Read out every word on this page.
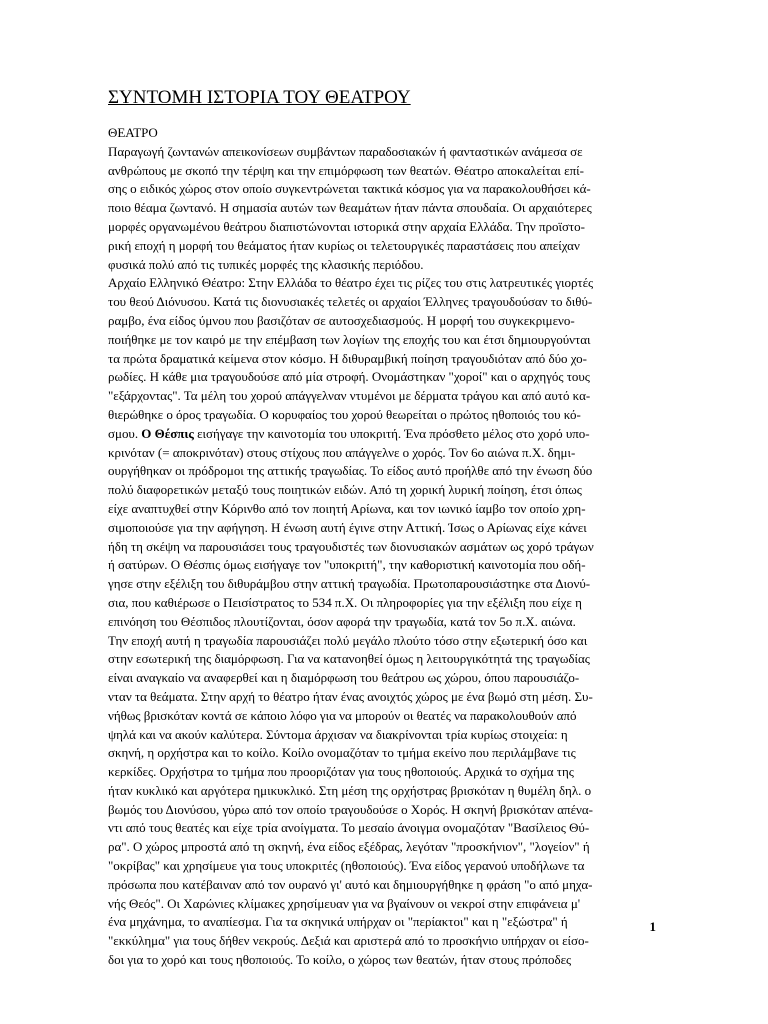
ΣΥΝΤΟΜΗ ΙΣΤΟΡΙΑ ΤΟΥ ΘΕΑΤΡΟΥ
ΘΕΑΤΡΟ
Παραγωγή ζωντανών απεικονίσεων συμβάντων παραδοσιακών ή φανταστικών ανάμεσα σε
ανθρώπους με σκοπό την τέρψη και την επιμόρφωση των θεατών. Θέατρο αποκαλείται επί-
σης ο ειδικός χώρος στον οποίο συγκεντρώνεται τακτικά κόσμος για να παρακολουθήσει κά-
ποιο θέαμα ζωντανό. Η σημασία αυτών των θεαμάτων ήταν πάντα σπουδαία. Οι αρχαιότερες
μορφές οργανωμένου θεάτρου διαπιστώνονται ιστορικά στην αρχαία Ελλάδα. Την προϊστο-
ρική εποχή η μορφή του θεάματος ήταν κυρίως οι τελετουργικές παραστάσεις που απείχαν
φυσικά πολύ από τις τυπικές μορφές της κλασικής περιόδου.
Αρχαίο Ελληνικό Θέατρο: Στην Ελλάδα το θέατρο έχει τις ρίζες του στις λατρευτικές γιορτές
του θεού Διόνυσου. Κατά τις διονυσιακές τελετές οι αρχαίοι Έλληνες τραγουδούσαν το διθύ-
ραμβο, ένα είδος ύμνου που βασιζόταν σε αυτοσχεδιασμούς. Η μορφή του συγκεκριμενο-
ποιήθηκε με τον καιρό με την επέμβαση των λογίων της εποχής του και έτσι δημιουργούνται
τα πρώτα δραματικά κείμενα στον κόσμο. Η διθυραμβική ποίηση τραγουδιόταν από δύο χο-
ρωδίες. Η κάθε μια τραγουδούσε από μία στροφή. Ονομάστηκαν "χοροί" και ο αρχηγός τους
"εξάρχοντας". Τα μέλη του χορού απάγγελναν ντυμένοι με δέρματα τράγου και από αυτό κα-
θιερώθηκε ο όρος τραγωδία. Ο κορυφαίος του χορού θεωρείται ο πρώτος ηθοποιός του κό-
σμου. Ο Θέσπις εισήγαγε την καινοτομία του υποκριτή. Ένα πρόσθετο μέλος στο χορό υπο-
κρινόταν (= αποκρινόταν) στους στίχους που απάγγελνε ο χορός. Τον 6ο αιώνα π.Χ. δημι-
ουργήθηκαν οι πρόδρομοι της αττικής τραγωδίας. Το είδος αυτό προήλθε από την ένωση δύο
πολύ διαφορετικών μεταξύ τους ποιητικών ειδών. Από τη χορική λυρική ποίηση, έτσι όπως
είχε αναπτυχθεί στην Κόρινθο από τον ποιητή Αρίωνα, και τον ιωνικό ίαμβο τον οποίο χρη-
σιμοποιούσε για την αφήγηση. Η ένωση αυτή έγινε στην Αττική. Ίσως ο Αρίωνας είχε κάνει
ήδη τη σκέψη να παρουσιάσει τους τραγουδιστές των διονυσιακών ασμάτων ως χορό τράγων
ή σατύρων. Ο Θέσπις όμως εισήγαγε τον "υποκριτή", την καθοριστική καινοτομία που οδή-
γησε στην εξέλιξη του διθυράμβου στην αττική τραγωδία. Πρωτοπαρουσιάστηκε στα Διονύ-
σια, που καθιέρωσε ο Πεισίστρατος το 534 π.Χ. Οι πληροφορίες για την εξέλιξη που είχε η
επινόηση του Θέσπιδος πλουτίζονται, όσον αφορά την τραγωδία, κατά τον 5ο π.Χ. αιώνα.
Την εποχή αυτή η τραγωδία παρουσιάζει πολύ μεγάλο πλούτο τόσο στην εξωτερική όσο και
στην εσωτερική της διαμόρφωση. Για να κατανοηθεί όμως η λειτουργικότητά της τραγωδίας
είναι αναγκαίο να αναφερθεί και η διαμόρφωση του θεάτρου ως χώρου, όπου παρουσιάζο-
νταν τα θεάματα. Στην αρχή το θέατρο ήταν ένας ανοιχτός χώρος με ένα βωμό στη μέση. Συ-
νήθως βρισκόταν κοντά σε κάποιο λόφο για να μπορούν οι θεατές να παρακολουθούν από
ψηλά και να ακούν καλύτερα. Σύντομα άρχισαν να διακρίνονται τρία κυρίως στοιχεία: η
σκηνή, η ορχήστρα και το κοίλο. Κοίλο ονομαζόταν το τμήμα εκείνο που περιλάμβανε τις
κερκίδες. Ορχήστρα το τμήμα που προοριζόταν για τους ηθοποιούς. Αρχικά το σχήμα της
ήταν κυκλικό και αργότερα ημικυκλικό. Στη μέση της ορχήστρας βρισκόταν η θυμέλη δηλ. ο
βωμός του Διονύσου, γύρω από τον οποίο τραγουδούσε ο Χορός. Η σκηνή βρισκόταν απένα-
ντι από τους θεατές και είχε τρία ανοίγματα. Το μεσαίο άνοιγμα ονομαζόταν "Βασίλειος Θύ-
ρα". Ο χώρος μπροστά από τη σκηνή, ένα είδος εξέδρας, λεγόταν "προσκήνιον", "λογείον" ή
"οκρίβας" και χρησίμευε για τους υποκριτές (ηθοποιούς). Ένα είδος γερανού υποδήλωνε τα
πρόσωπα που κατέβαιναν από τον ουρανό γι' αυτό και δημιουργήθηκε η φράση "ο από μηχα-
νής Θεός". Οι Χαρώνιες κλίμακες χρησίμευαν για να βγαίνουν οι νεκροί στην επιφάνεια μ'
ένα μηχάνημα, το αναπίεσμα. Για τα σκηνικά υπήρχαν οι "περίακτοι" και η "εξώστρα" ή
"εκκύλημα" για τους δήθεν νεκρούς. Δεξιά και αριστερά από το προσκήνιο υπήρχαν οι είσο-
δοι για το χορό και τους ηθοποιούς. Το κοίλο, ο χώρος των θεατών, ήταν στους πρόποδες
1
